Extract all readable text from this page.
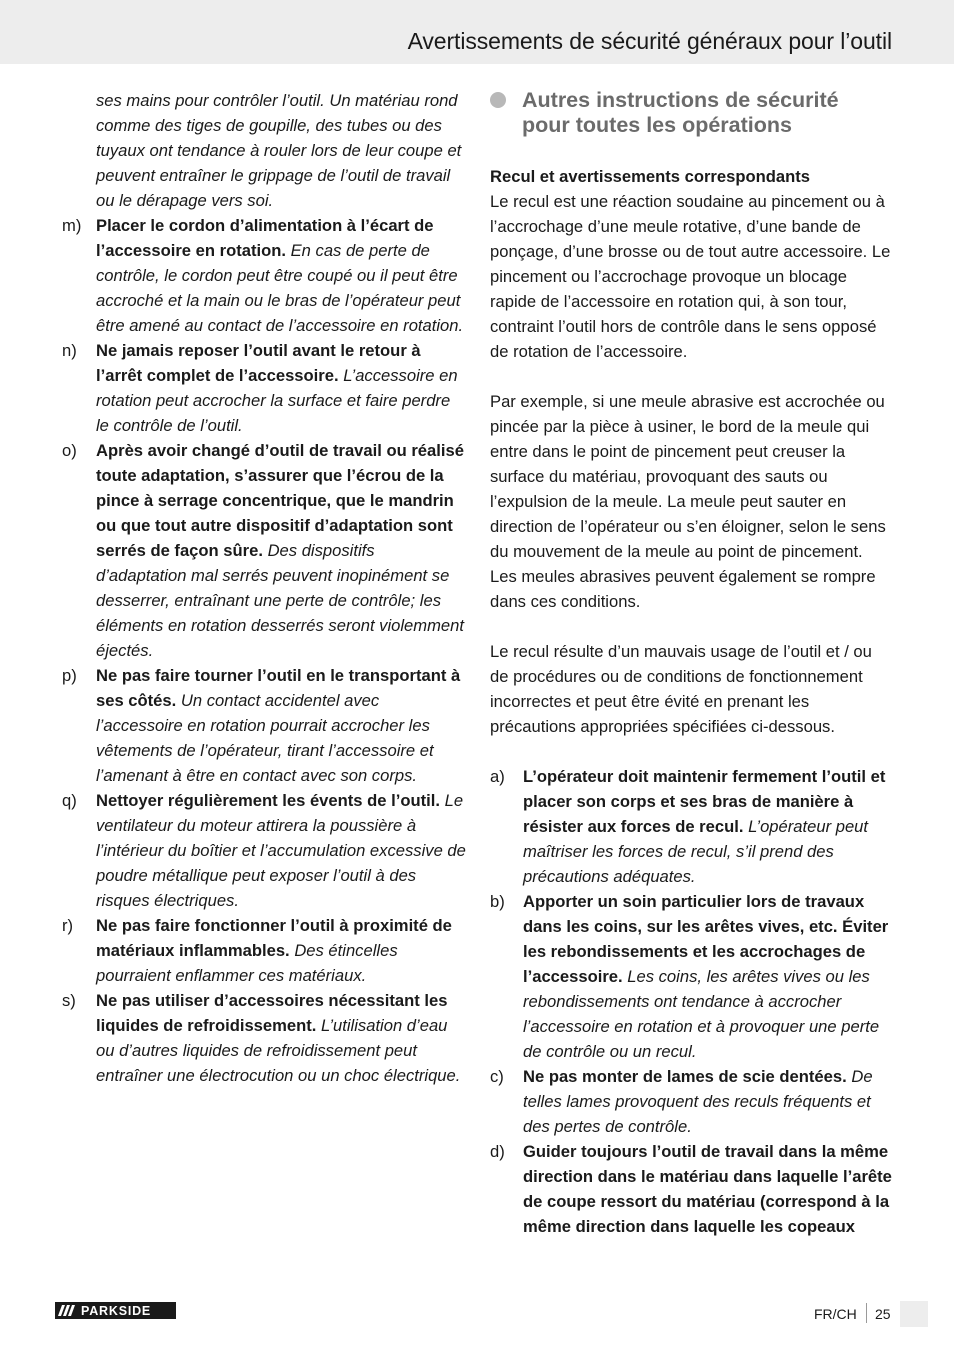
Avertissements de sécurité généraux pour l’outil

ses mains pour contrôler l’outil. Un matériau rond comme des tiges de goupille, des tubes ou des tuyaux ont tendance à rouler lors de leur coupe et peuvent entraîner le grippage de l’outil de travail ou le dérapage vers soi.

m) Placer le cordon d’alimentation à l’écart de l’accessoire en rotation. En cas de perte de contrôle, le cordon peut être coupé ou il peut être accroché et la main ou le bras de l’opérateur peut être amené au contact de l’accessoire en rotation.
n)	Ne jamais reposer l’outil avant le retour à l’arrêt complet de l’accessoire. L’accessoire en rotation peut accrocher la surface et faire perdre le contrôle de l’outil.
o)	Après avoir changé d’outil de travail ou réalisé toute adaptation, s’assurer que l’écrou de la pince à serrage concentrique, que le mandrin ou que tout autre dispositif d’adaptation sont serrés de façon sûre. Des dispositifs d’adaptation mal serrés peuvent inopinément se desserrer, entraînant une perte de contrôle; les éléments en rotation desserrés seront violemment éjectés.
p)	Ne pas faire tourner l’outil en le transportant à ses côtés. Un contact accidentel avec l’accessoire en rotation pourrait accrocher les vêtements de l’opérateur, tirant l’accessoire et l’amenant à être en contact avec son corps.
q)	Nettoyer régulièrement les évents de l’outil. Le ventilateur du moteur attirera la poussière à l’intérieur du boîtier et l’accumulation excessive de poudre métallique peut exposer l’outil à des risques électriques.
r)	Ne pas faire fonctionner l’outil à proximité de matériaux inflammables. Des étincelles pourraient enflammer ces matériaux.
s)	Ne pas utiliser d’accessoires nécessitant les liquides de refroidissement. L’utilisation d’eau ou d’autres liquides de refroidissement peut entraîner une électrocution ou un choc électrique.
Autres instructions de sécurité pour toutes les opérations

Recul et avertissements correspondants

Le recul est une réaction soudaine au pincement ou à l’accrochage d’une meule rotative, d’une bande de ponçage, d’une brosse ou de tout autre accessoire. Le pincement ou l’accrochage provoque un blocage rapide de l’accessoire en rotation qui, à son tour, contraint l’outil hors de contrôle dans le sens opposé de rotation de l’accessoire.

Par exemple, si une meule abrasive est accrochée ou pincée par la pièce à usiner, le bord de la meule qui entre dans le point de pincement peut creuser la surface du matériau, provoquant des sauts ou l’expulsion de la meule. La meule peut sauter en direction de l’opérateur ou s’en éloigner, selon le sens du mouvement de la meule au point de pincement. Les meules abrasives peuvent également se rompre dans ces conditions.

Le recul résulte d’un mauvais usage de l’outil et / ou de procédures ou de conditions de fonctionnement incorrectes et peut être évité en prenant les précautions appropriées spécifiées ci-dessous.

a)	L’opérateur doit maintenir fermement l’outil et placer son corps et ses bras de manière à résister aux forces de recul. L’opérateur peut maîtriser les forces de recul, s’il prend des précautions adéquates.
b)	Apporter un soin particulier lors de travaux dans les coins, sur les arêtes vives, etc. Éviter les rebondissements et les accrochages de l’accessoire. Les coins, les arêtes vives ou les rebondissements ont tendance à accrocher l’accessoire en rotation et à provoquer une perte de contrôle ou un recul.
c)	Ne pas monter de lames de scie dentées. De telles lames provoquent des reculs fréquents et des pertes de contrôle.
d)	Guider toujours l’outil de travail dans la même direction dans le matériau dans laquelle l’arête de coupe ressort du matériau (correspond à la même direction dans laquelle les copeaux
PARKSIDE	FR/CH 25
